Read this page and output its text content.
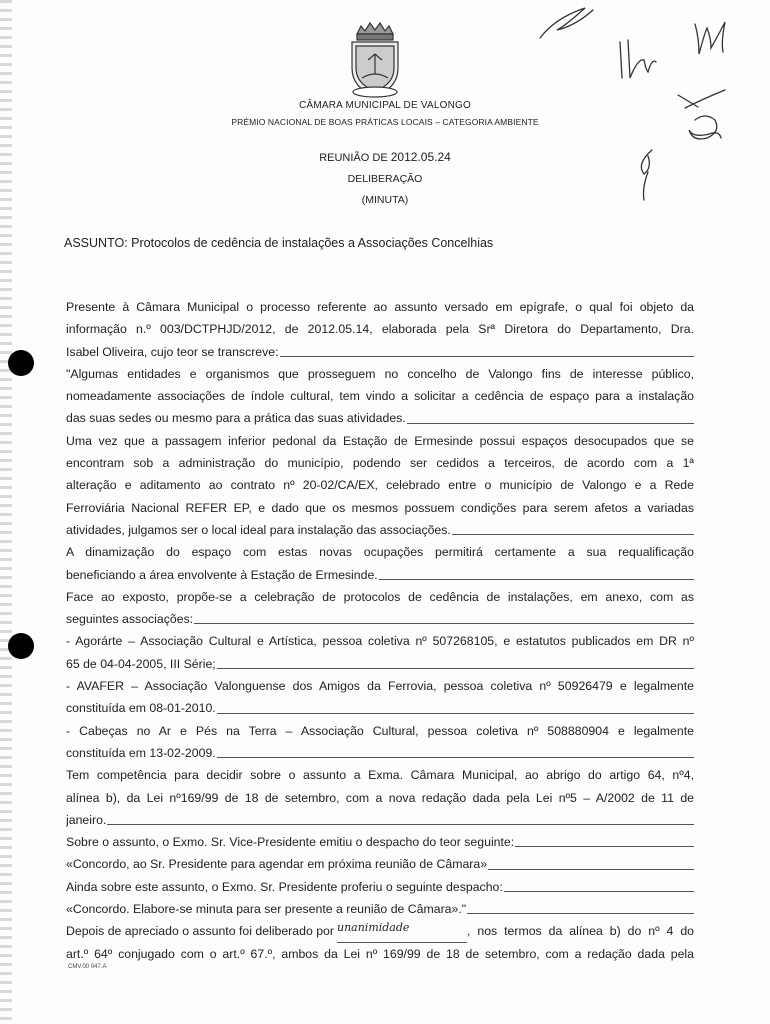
CÂMARA MUNICIPAL DE VALONGO
PRÉMIO NACIONAL DE BOAS PRÁTICAS LOCAIS – CATEGORIA AMBIENTE
REUNIÃO DE 2012.05.24
DELIBERAÇÃO
(MINUTA)
ASSUNTO: Protocolos de cedência de instalações a Associações Concelhias
Presente à Câmara Municipal o processo referente ao assunto versado em epígrafe, o qual foi objeto da
informação n.º 003/DCTPHJD/2012, de 2012.05.14, elaborada pela Srª Diretora do Departamento, Dra.
Isabel Oliveira, cujo teor se transcreve:
"Algumas entidades e organismos que prosseguem no concelho de Valongo fins de interesse público,
nomeadamente associações de índole cultural, tem vindo a solicitar a cedência de espaço para a instalação
das suas sedes ou mesmo para a prática das suas atividades.
Uma vez que a passagem inferior pedonal da Estação de Ermesinde possui espaços desocupados que se
encontram sob a administração do município, podendo ser cedidos a terceiros, de acordo com a 1ª
alteração e aditamento ao contrato nº 20-02/CA/EX, celebrado entre o município de Valongo e a Rede
Ferroviária Nacional REFER EP, e dado que os mesmos possuem condições para serem afetos a variadas
atividades, julgamos ser o local ideal para instalação das associações.
A dinamização do espaço com estas novas ocupações permitirá certamente a sua requalificação
beneficiando a área envolvente à Estação de Ermesinde.
Face ao exposto, propõe-se a celebração de protocolos de cedência de instalações, em anexo, com as
seguintes associações:
- Agorárte – Associação Cultural e Artística, pessoa coletiva nº 507268105, e estatutos publicados em DR nº
65 de 04-04-2005, III Série;
- AVAFER – Associação Valonguense dos Amigos da Ferrovia, pessoa coletiva nº 50926479 e legalmente
constituída em 08-01-2010.
- Cabeças no Ar e Pés na Terra – Associação Cultural, pessoa coletiva nº 508880904 e legalmente
constituída em 13-02-2009.
Tem competência para decidir sobre o assunto a Exma. Câmara Municipal, ao abrigo do artigo 64, nº4,
alínea b), da Lei nº169/99 de 18 de setembro, com a nova redação dada pela Lei nº5 – A/2002 de 11 de
janeiro.
Sobre o assunto, o Exmo. Sr. Vice-Presidente emitiu o despacho do teor seguinte:
«Concordo, ao Sr. Presidente para agendar em próxima reunião de Câmara»
Ainda sobre este assunto, o Exmo. Sr. Presidente proferiu o seguinte despacho:
«Concordo. Elabore-se minuta para ser presente a reunião de Câmara»."
Depois de apreciado o assunto foi deliberado por unanimidade	, nos termos da alínea b) do nº 4 do
art.º 64º conjugado com o art.º 67.º, ambos da Lei nº 169/99 de 18 de setembro, com a redação dada pela
CMV.00 047.A
